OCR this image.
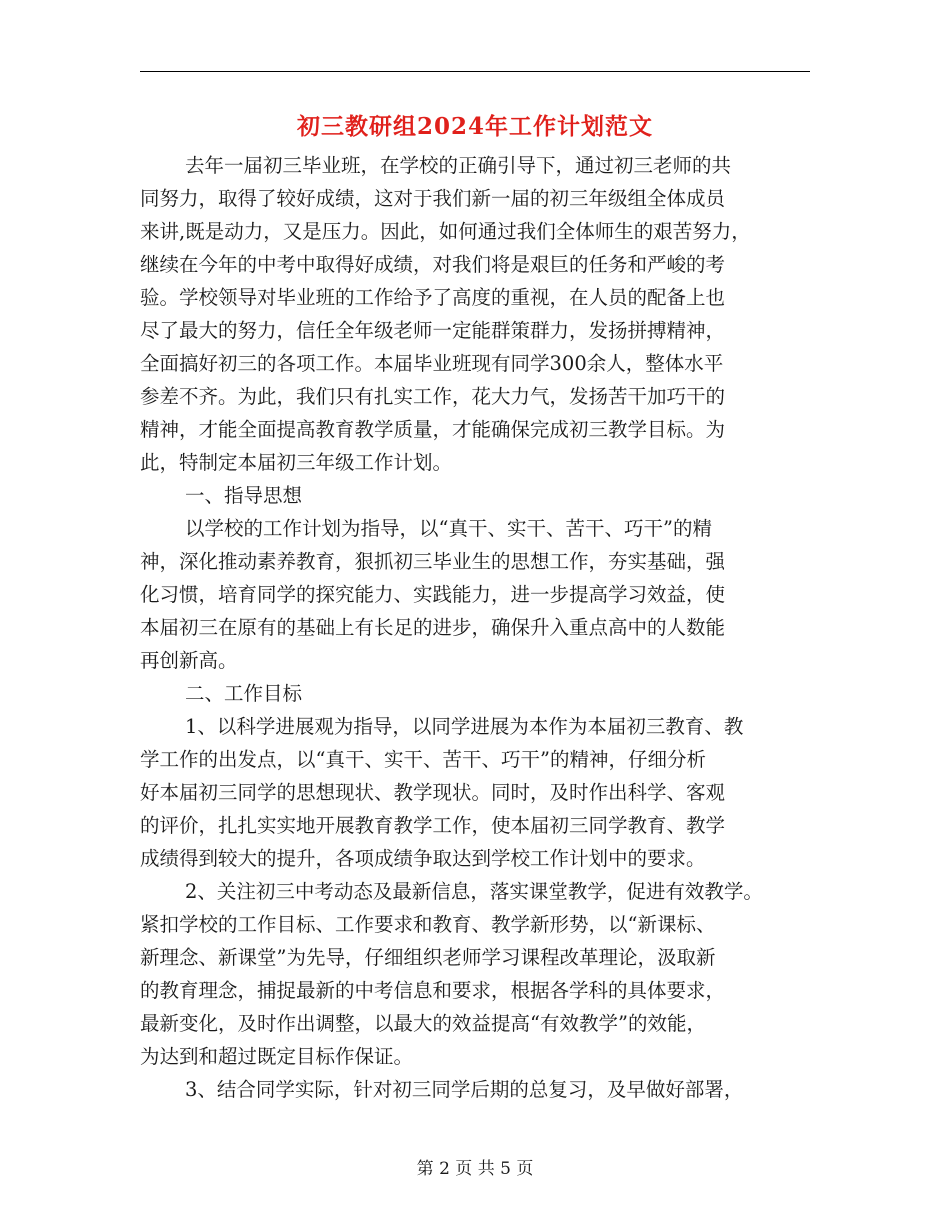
初三教研组2024年工作计划范文
去年一届初三毕业班，在学校的正确引导下，通过初三老师的共
同努力，取得了较好成绩，这对于我们新一届的初三年级组全体成员
来讲,既是动力，又是压力。因此，如何通过我们全体师生的艰苦努力，
继续在今年的中考中取得好成绩，对我们将是艰巨的任务和严峻的考
验。学校领导对毕业班的工作给予了高度的重视，在人员的配备上也
尽了最大的努力，信任全年级老师一定能群策群力，发扬拼搏精神，
全面搞好初三的各项工作。本届毕业班现有同学300余人，整体水平
参差不齐。为此，我们只有扎实工作，花大力气，发扬苦干加巧干的
精神，才能全面提高教育教学质量，才能确保完成初三教学目标。为
此，特制定本届初三年级工作计划。
一、指导思想
以学校的工作计划为指导，以“真干、实干、苦干、巧干”的精
神，深化推动素养教育，狠抓初三毕业生的思想工作，夯实基础，强
化习惯，培育同学的探究能力、实践能力，进一步提高学习效益，使
本届初三在原有的基础上有长足的进步，确保升入重点高中的人数能
再创新高。
二、工作目标
1、以科学进展观为指导，以同学进展为本作为本届初三教育、教
学工作的出发点，以“真干、实干、苦干、巧干”的精神，仔细分析
好本届初三同学的思想现状、教学现状。同时，及时作出科学、客观
的评价，扎扎实实地开展教育教学工作，使本届初三同学教育、教学
成绩得到较大的提升，各项成绩争取达到学校工作计划中的要求。
2、关注初三中考动态及最新信息，落实课堂教学，促进有效教学。
紧扣学校的工作目标、工作要求和教育、教学新形势，以“新课标、
新理念、新课堂”为先导，仔细组织老师学习课程改革理论，汲取新
的教育理念，捕捉最新的中考信息和要求，根据各学科的具体要求，
最新变化，及时作出调整，以最大的效益提高“有效教学”的效能，
为达到和超过既定目标作保证。
3、结合同学实际，针对初三同学后期的总复习，及早做好部署，
第 2 页 共 5 页
